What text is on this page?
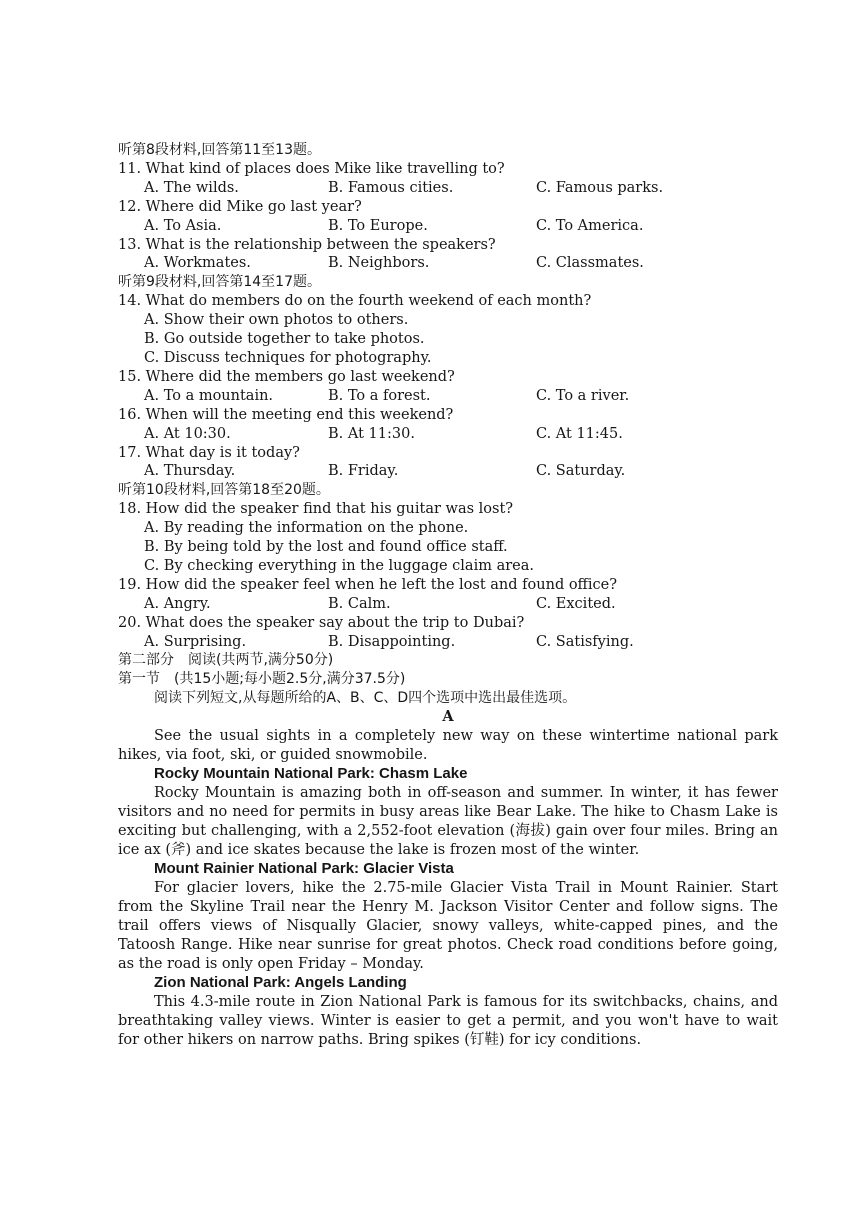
听第8段材料,回答第11至13题。
11. What kind of places does Mike like travelling to?
A. The wilds.	B. Famous cities.	C. Famous parks.
12. Where did Mike go last year?
A. To Asia.	B. To Europe.	C. To America.
13. What is the relationship between the speakers?
A. Workmates.	B. Neighbors.	C. Classmates.
听第9段材料,回答第14至17题。
14. What do members do on the fourth weekend of each month?
A. Show their own photos to others.
B. Go outside together to take photos.
C. Discuss techniques for photography.
15. Where did the members go last weekend?
A. To a mountain.	B. To a forest.	C. To a river.
16. When will the meeting end this weekend?
A. At 10:30.	B. At 11:30.	C. At 11:45.
17. What day is it today?
A. Thursday.	B. Friday.	C. Saturday.
听第10段材料,回答第18至20题。
18. How did the speaker find that his guitar was lost?
A. By reading the information on the phone.
B. By being told by the lost and found office staff.
C. By checking everything in the luggage claim area.
19. How did the speaker feel when he left the lost and found office?
A. Angry.	B. Calm.	C. Excited.
20. What does the speaker say about the trip to Dubai?
A. Surprising.	B. Disappointing.	C. Satisfying.
第二部分　阅读(共两节,满分50分)
第一节　(共15小题;每小题2.5分,满分37.5分)
阅读下列短文,从每题所给的A、B、C、D四个选项中选出最佳选项。
A
See the usual sights in a completely new way on these wintertime national park hikes, via foot, ski, or guided snowmobile.
Rocky Mountain National Park: Chasm Lake
Rocky Mountain is amazing both in off-season and summer. In winter, it has fewer visitors and no need for permits in busy areas like Bear Lake. The hike to Chasm Lake is exciting but challenging, with a 2,552-foot elevation (海拔) gain over four miles. Bring an ice ax (斧) and ice skates because the lake is frozen most of the winter.
Mount Rainier National Park: Glacier Vista
For glacier lovers, hike the 2.75-mile Glacier Vista Trail in Mount Rainier. Start from the Skyline Trail near the Henry M. Jackson Visitor Center and follow signs. The trail offers views of Nisqually Glacier, snowy valleys, white-capped pines, and the Tatoosh Range. Hike near sunrise for great photos. Check road conditions before going, as the road is only open Friday – Monday.
Zion National Park: Angels Landing
This 4.3-mile route in Zion National Park is famous for its switchbacks, chains, and breathtaking valley views. Winter is easier to get a permit, and you won't have to wait for other hikers on narrow paths. Bring spikes (钉鞋) for icy conditions.
